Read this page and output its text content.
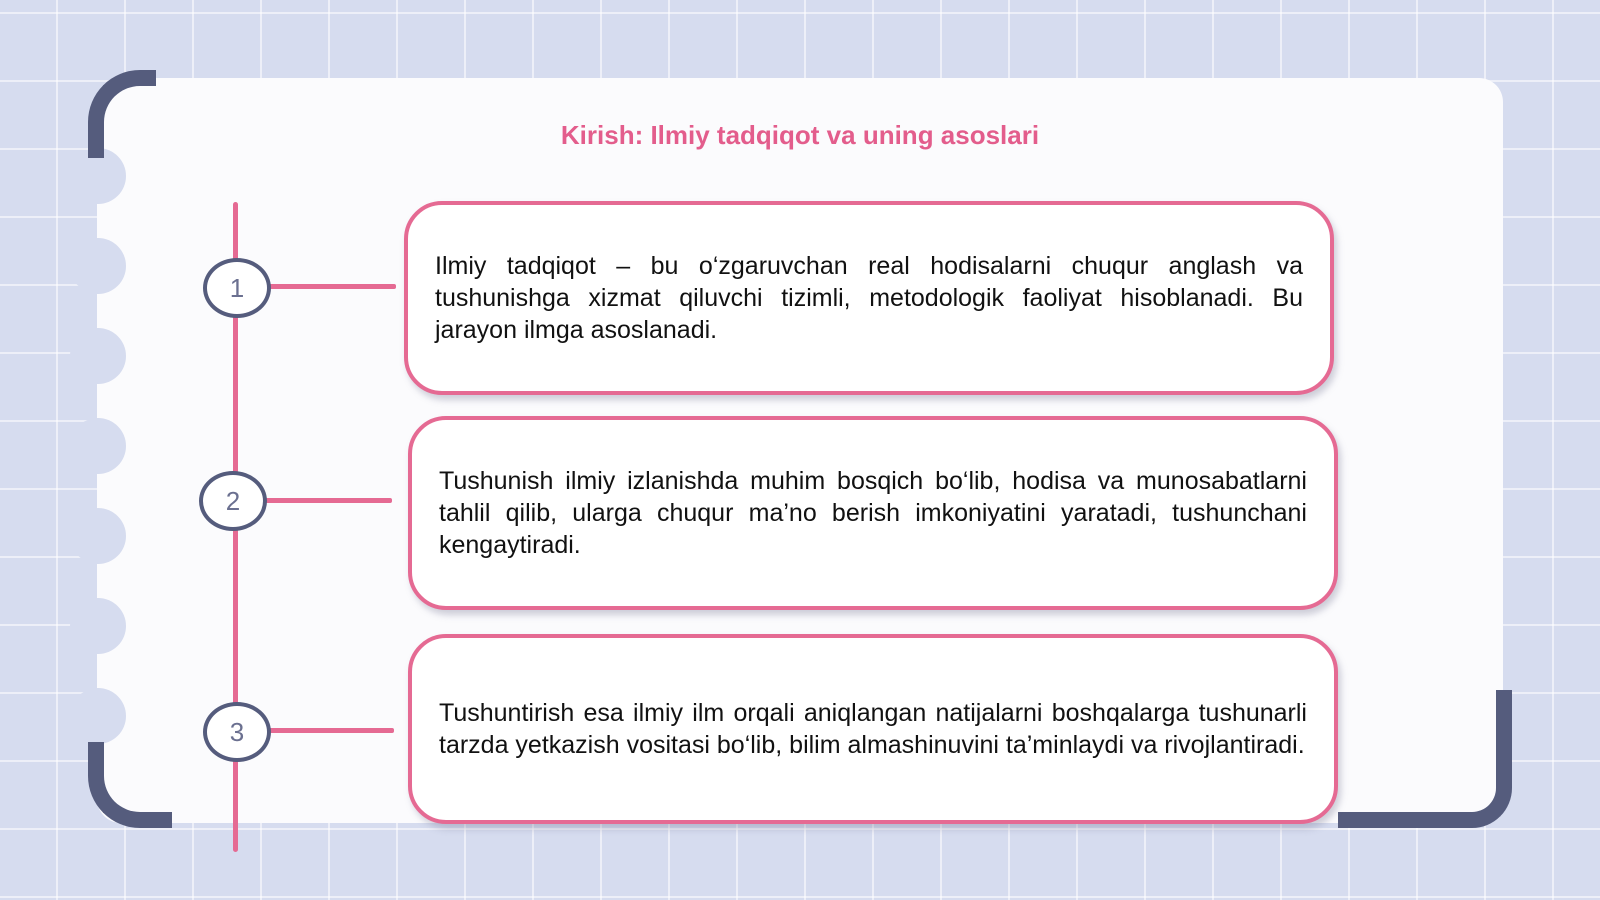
Kirish: Ilmiy tadqiqot va uning asoslari
1
2
3

Ilmiy tadqiqot – bu o‘zgaruvchan real hodisalarni chuqur anglash va tushunishga xizmat qiluvchi tizimli, metodologik faoliyat hisoblanadi. Bu jarayon ilmga asoslanadi.

Tushunish ilmiy izlanishda muhim bosqich bo‘lib, hodisa va munosabatlarni tahlil qilib, ularga chuqur ma’no berish imkoniyatini yaratadi, tushunchani kengaytiradi.

Tushuntirish esa ilmiy ilm orqali aniqlangan natijalarni boshqalarga tushunarli tarzda yetkazish vositasi bo‘lib, bilim almashinuvini ta’minlaydi va rivojlantiradi.
